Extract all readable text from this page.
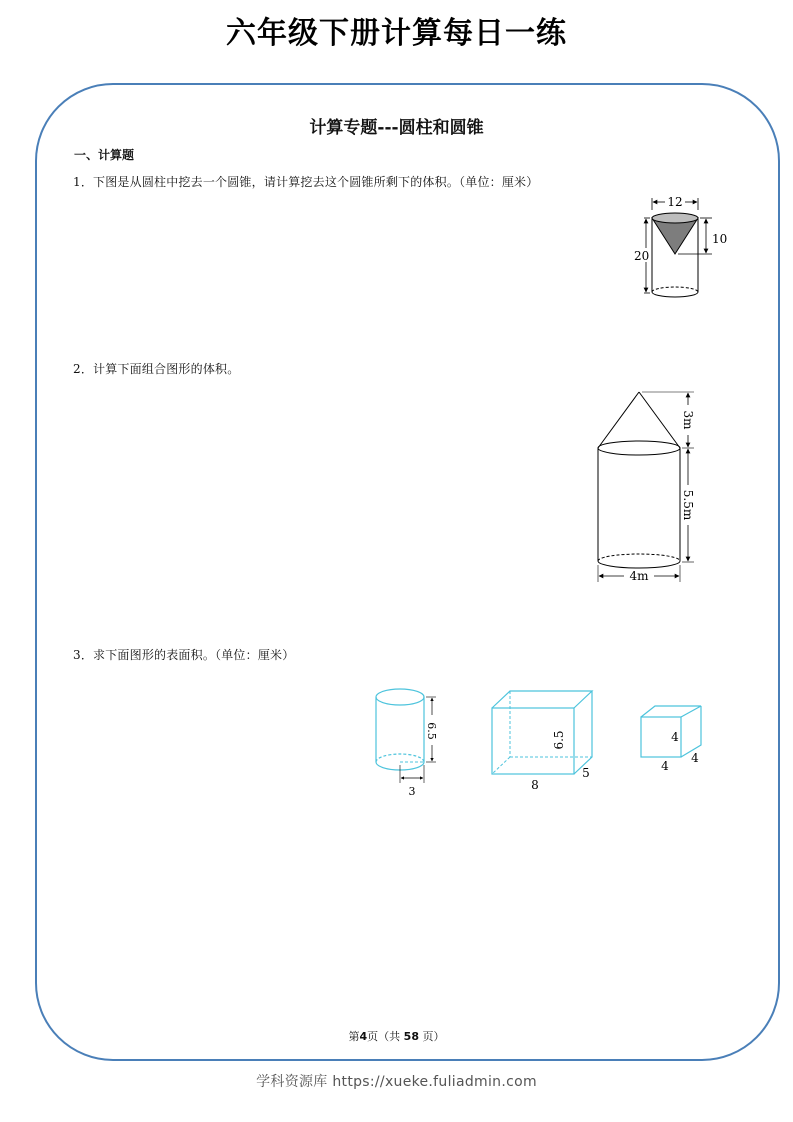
六年级下册计算每日一练
计算专题---圆柱和圆锥
一、计算题
1．下图是从圆柱中挖去一个圆锥，请计算挖去这个圆锥所剩下的体积。（单位：厘米）
2．计算下面组合图形的体积。
3．求下面图形的表面积。（单位：厘米）
12
10
20
3m
5.5m
4m
6.5
3
6.5
8
5
4
4
4
第4页（共 58 页）
学科资源库 https://xueke.fuliadmin.com
